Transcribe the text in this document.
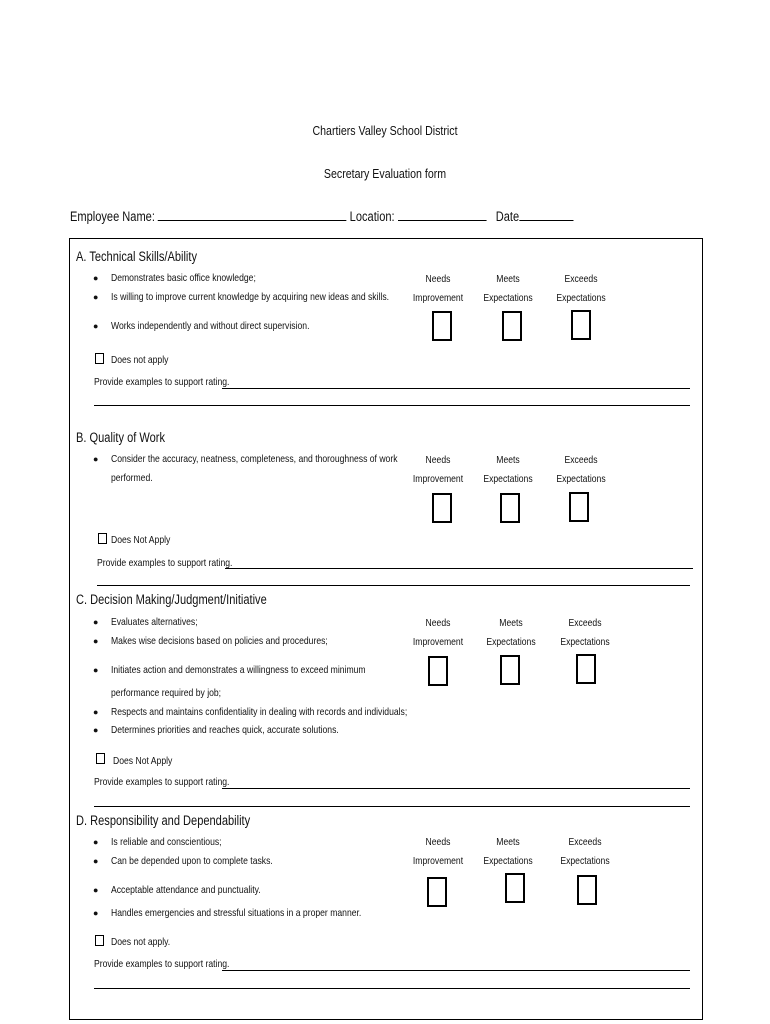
Chartiers Valley School District
Secretary Evaluation form
Employee Name:	Location:	Date
A. Technical Skills/Ability
● Demonstrates basic office knowledge;
● Is willing to improve current knowledge by acquiring new ideas and skills.
● Works independently and without direct supervision.
Needs
Improvement
Meets
Expectations
Exceeds
Expectations
Does not apply
Provide examples to support rating.
B. Quality of Work
● Consider the accuracy, neatness, completeness, and thoroughness of work
performed.
Needs
Improvement
Meets
Expectations
Exceeds
Expectations
Does Not Apply
Provide examples to support rating.
C. Decision Making/Judgment/Initiative
● Evaluates alternatives;
● Makes wise decisions based on policies and procedures;
● Initiates action and demonstrates a willingness to exceed minimum
performance required by job;
● Respects and maintains confidentiality in dealing with records and individuals;
● Determines priorities and reaches quick, accurate solutions.
Needs
Improvement
Meets
Expectations
Exceeds
Expectations
Does Not Apply
Provide examples to support rating.
D. Responsibility and Dependability
● Is reliable and conscientious;
● Can be depended upon to complete tasks.
● Acceptable attendance and punctuality.
● Handles emergencies and stressful situations in a proper manner.
Needs
Improvement
Meets
Expectations
Exceeds
Expectations
Does not apply.
Provide examples to support rating.
